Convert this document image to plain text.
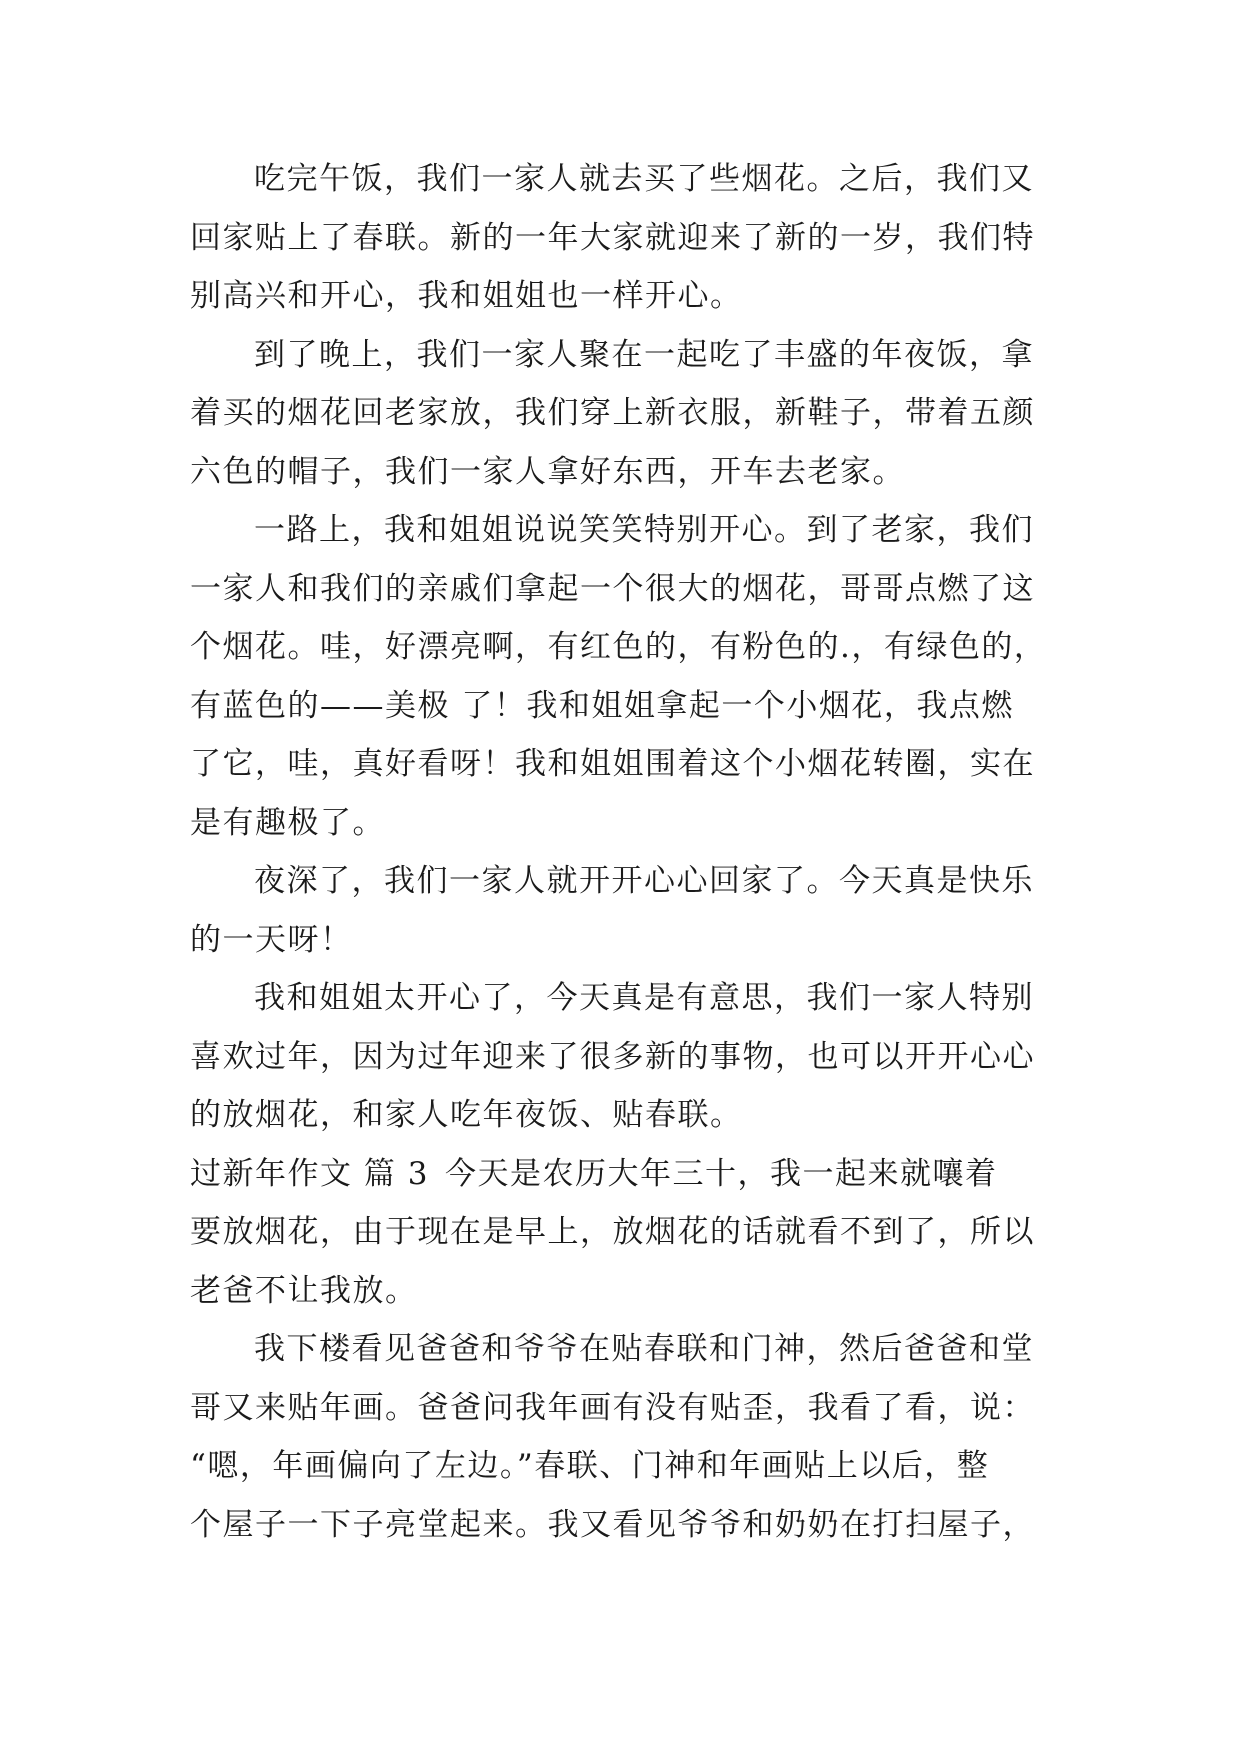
吃完午饭，我们一家人就去买了些烟花。之后，我们又
回家贴上了春联。新的一年大家就迎来了新的一岁，我们特
别高兴和开心，我和姐姐也一样开心。
到了晚上，我们一家人聚在一起吃了丰盛的年夜饭，拿
着买的烟花回老家放，我们穿上新衣服，新鞋子，带着五颜
六色的帽子，我们一家人拿好东西，开车去老家。
一路上，我和姐姐说说笑笑特别开心。到了老家，我们
一家人和我们的亲戚们拿起一个很大的烟花，哥哥点燃了这
个烟花。哇，好漂亮啊，有红色的，有粉色的.，有绿色的，
有蓝色的——美极 了！我和姐姐拿起一个小烟花，我点燃
了它，哇，真好看呀！我和姐姐围着这个小烟花转圈，实在
是有趣极了。
夜深了，我们一家人就开开心心回家了。今天真是快乐
的一天呀！
我和姐姐太开心了，今天真是有意思，我们一家人特别
喜欢过年，因为过年迎来了很多新的事物，也可以开开心心
的放烟花，和家人吃年夜饭、贴春联。
过新年作文 篇 3 今天是农历大年三十，我一起来就嚷着
要放烟花，由于现在是早上，放烟花的话就看不到了，所以
老爸不让我放。
我下楼看见爸爸和爷爷在贴春联和门神，然后爸爸和堂
哥又来贴年画。爸爸问我年画有没有贴歪，我看了看，说：
“嗯，年画偏向了左边。”春联、门神和年画贴上以后，整
个屋子一下子亮堂起来。我又看见爷爷和奶奶在打扫屋子，
